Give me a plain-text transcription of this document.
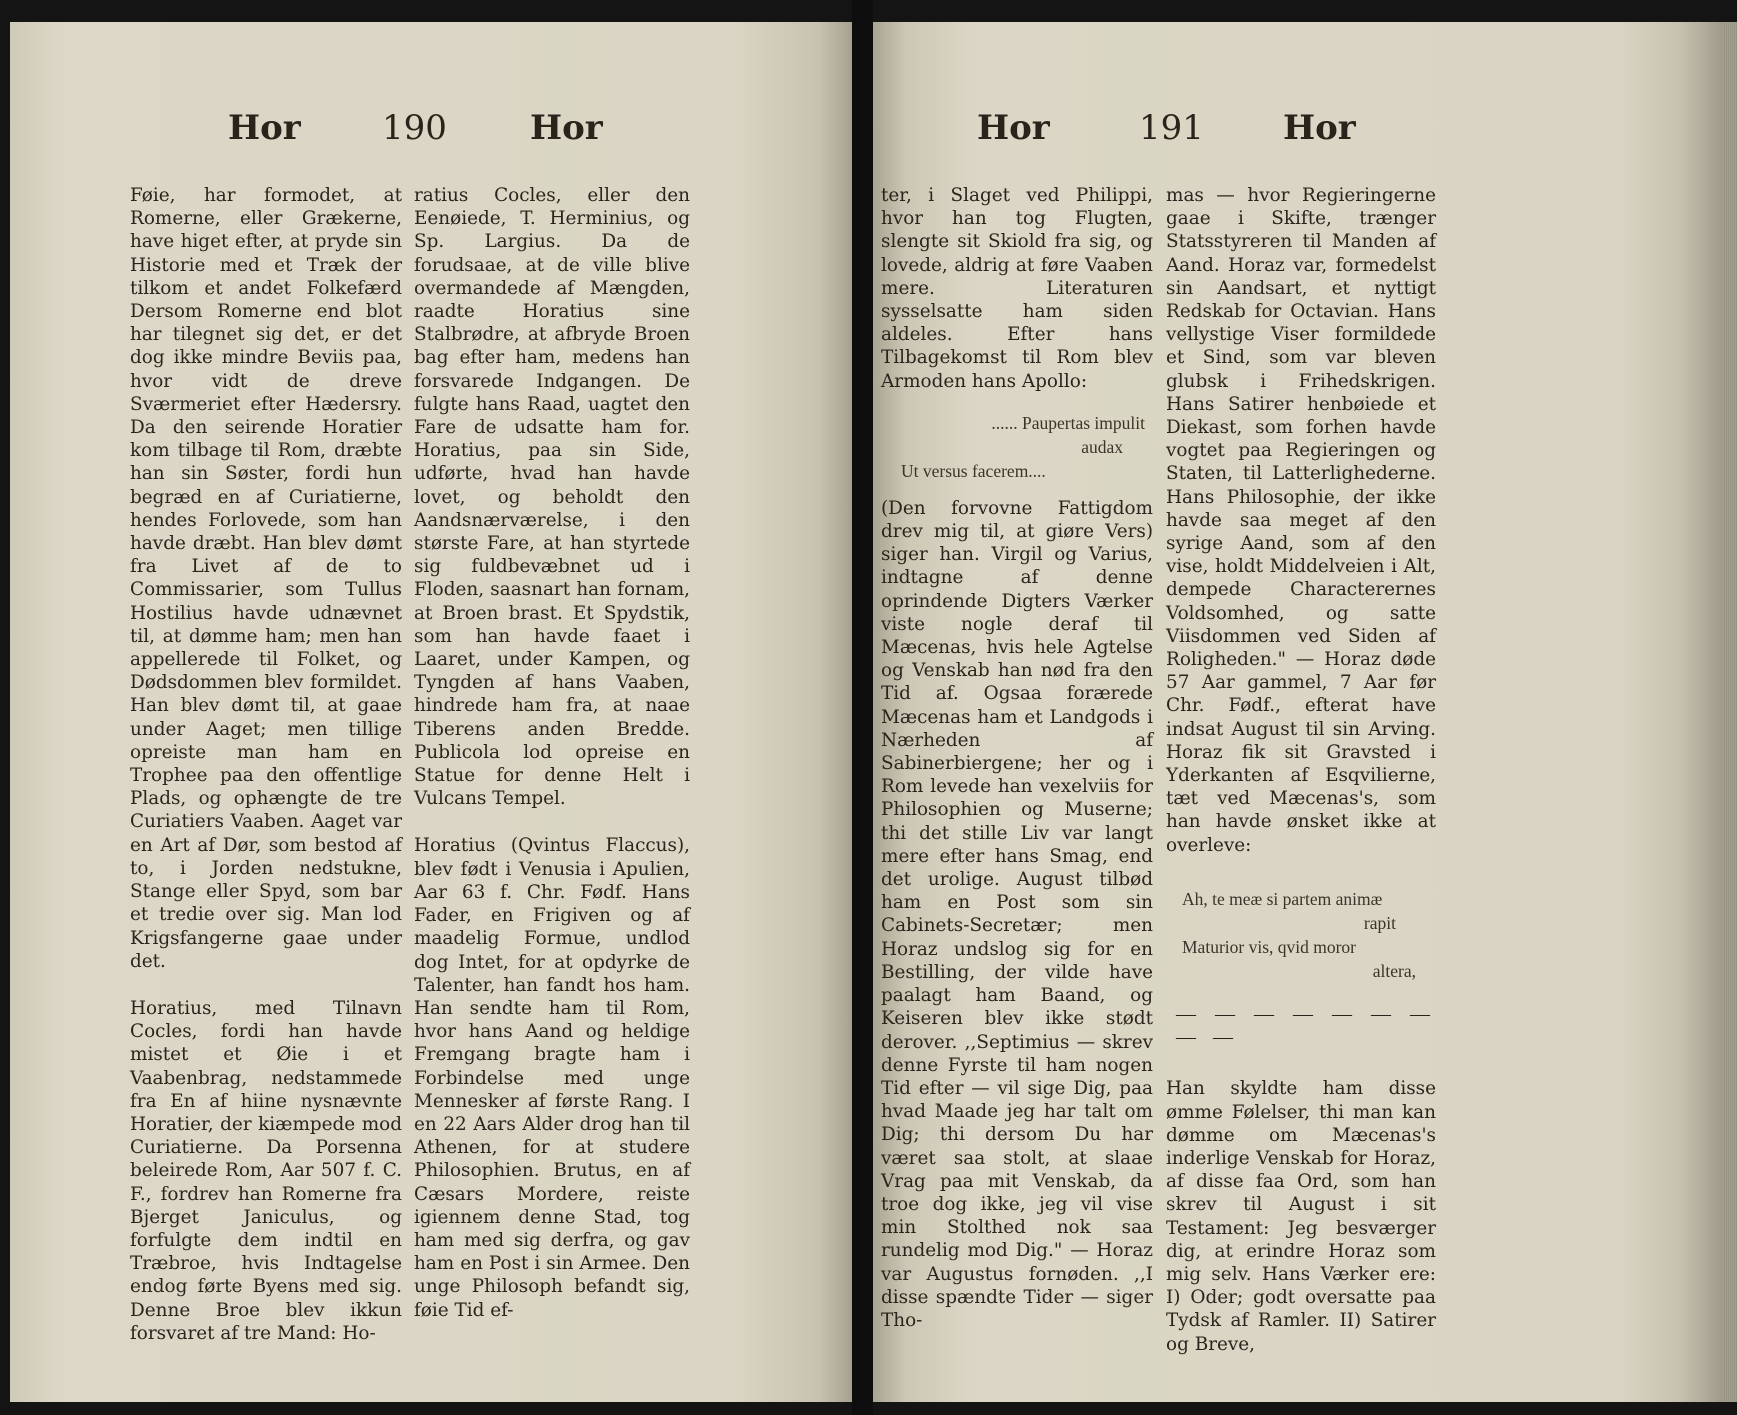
Hor 190 Hor

Føie, har formodet, at Romerne, eller Grækerne, have higet efter, at pryde sin Historie med et Træk der tilkom et andet Folkefærd Dersom Romerne end blot har tilegnet sig det, er det dog ikke mindre Beviis paa, hvor vidt de dreve Sværmeriet efter Hædersry. Da den seirende Horatier kom tilbage til Rom, dræbte han sin Søster, fordi hun begræd en af Curiatierne, hendes Forlovede, som han havde dræbt. Han blev dømt fra Livet af de to Commissarier, som Tullus Hostilius havde udnævnet til, at dømme ham; men han appellerede til Folket, og Dødsdommen blev formildet. Han blev dømt til, at gaae under Aaget; men tillige opreiste man ham en Trophee paa den offentlige Plads, og ophængte de tre Curiatiers Vaaben. Aaget var en Art af Dør, som bestod af to, i Jorden nedstukne, Stange eller Spyd, som bar et tredie over sig. Man lod Krigsfangerne gaae under det.

Horatius, med Tilnavn Cocles, fordi han havde mistet et Øie i et Vaabenbrag, nedstammede fra En af hiine nysnævnte Horatier, der kiæmpede mod Curiatierne. Da Porsenna beleirede Rom, Aar 507 f. C. F., fordrev han Romerne fra Bjerget Janiculus, og forfulgte dem indtil en Træbroe, hvis Indtagelse endog førte Byens med sig. Denne Broe blev ikkun forsvaret af tre Mand: Ho-

ratius Cocles, eller den Eenøiede, T. Herminius, og Sp. Largius. Da de forudsaae, at de ville blive overmandede af Mængden, raadte Horatius sine Stalbrødre, at afbryde Broen bag efter ham, medens han forsvarede Indgangen. De fulgte hans Raad, uagtet den Fare de udsatte ham for. Horatius, paa sin Side, udførte, hvad han havde lovet, og beholdt den Aandsnærværelse, i den største Fare, at han styrtede sig fuldbevæbnet ud i Floden, saasnart han fornam, at Broen brast. Et Spydstik, som han havde faaet i Laaret, under Kampen, og Tyngden af hans Vaaben, hindrede ham fra, at naae Tiberens anden Bredde. Publicola lod opreise en Statue for denne Helt i Vulcans Tempel.

Horatius (Qvintus Flaccus), blev født i Venusia i Apulien, Aar 63 f. Chr. Fødf. Hans Fader, en Frigiven og af maadelig Formue, undlod dog Intet, for at opdyrke de Talenter, han fandt hos ham. Han sendte ham til Rom, hvor hans Aand og heldige Fremgang bragte ham i Forbindelse med unge Mennesker af første Rang. I en 22 Aars Alder drog han til Athenen, for at studere Philosophien. Brutus, en af Cæsars Mordere, reiste igiennem denne Stad, tog ham med sig derfra, og gav ham en Post i sin Armee. Den unge Philosoph befandt sig, føie Tid ef-

Hor	191 Hor

ter, i Slaget ved Philippi, hvor han tog Flugten, slengte sit Skiold fra sig, og lovede, aldrig at føre Vaaben mere. Literaturen sysselsatte ham siden aldeles. Efter hans Tilbagekomst til Rom blev Armoden hans Apollo:

...... Paupertas impulit
audax
Ut versus facerem....

(Den forvovne Fattigdom drev mig til, at giøre Vers) siger han. Virgil og Varius, indtagne af denne oprindende Digters Værker viste nogle deraf til Mæcenas, hvis hele Agtelse og Venskab han nød fra den Tid af. Ogsaa forærede Mæcenas ham et Landgods i Nærheden af Sabinerbiergene; her og i Rom levede han vexelviis for Philosophien og Muserne; thi det stille Liv var langt mere efter hans Smag, end det urolige. August tilbød ham en Post som sin Cabinets-Secretær; men Horaz undslog sig for en Bestilling, der vilde have paalagt ham Baand, og Keiseren blev ikke stødt derover. ,,Septimius — skrev denne Fyrste til ham nogen Tid efter — vil sige Dig, paa hvad Maade jeg har talt om Dig; thi dersom Du har været saa stolt, at slaae Vrag paa mit Venskab, da troe dog ikke, jeg vil vise min Stolthed nok saa rundelig mod Dig." — Horaz var Augustus fornøden. ,,I disse spændte Tider — siger Tho-

mas — hvor Regieringerne gaae i Skifte, trænger Statsstyreren til Manden af Aand. Horaz var, formedelst sin Aandsart, et nyttigt Redskab for Octavian. Hans vellystige Viser formildede et Sind, som var bleven glubsk i Frihedskrigen. Hans Satirer henbøiede et Diekast, som forhen havde vogtet paa Regieringen og Staten, til Latterlighederne. Hans Philosophie, der ikke havde saa meget af den syrige Aand, som af den vise, holdt Middelveien i Alt, dempede Characterernes Voldsomhed, og satte Viisdommen ved Siden af Roligheden." — Horaz døde 57 Aar gammel, 7 Aar før Chr. Fødf., efterat have indsat August til sin Arving. Horaz fik sit Gravsted i Yderkanten af Esqvilierne, tæt ved Mæcenas's, som han havde ønsket ikke at overleve:

Ah, te meæ si partem animæ
rapit
Maturior vis, qvid moror
altera,
— — — — — — — — —

Han skyldte ham disse ømme Følelser, thi man kan dømme om Mæcenas's inderlige Venskab for Horaz, af disse faa Ord, som han skrev til August i sit Testament: Jeg besværger dig, at erindre Horaz som mig selv. Hans Værker ere: I) Oder; godt oversatte paa Tydsk af Ramler. II) Satirer og Breve,
